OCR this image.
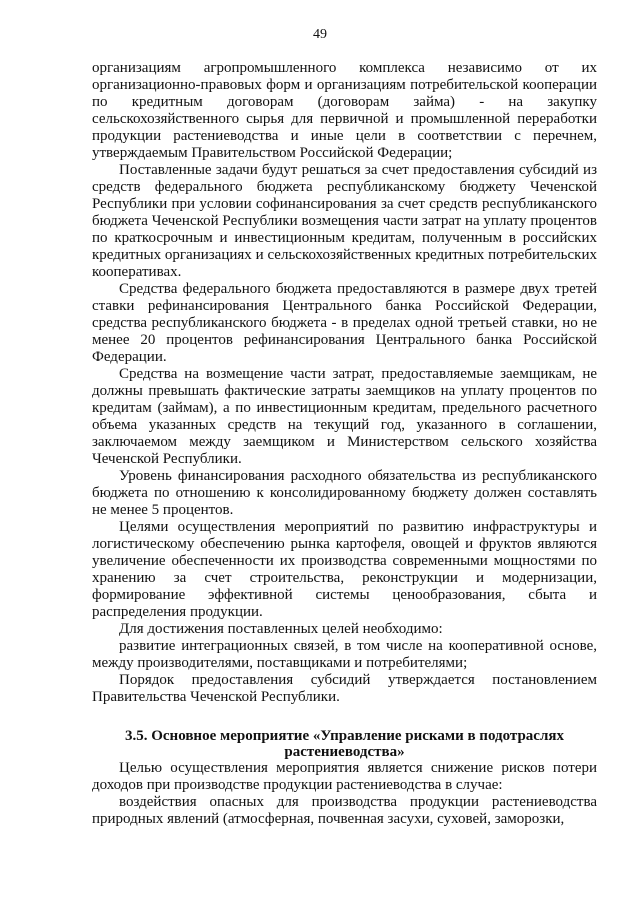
49

организациям агропромышленного комплекса независимо от их организационно-правовых форм и организациям потребительской кооперации по кредитным договорам (договорам займа) - на закупку сельскохозяйственного сырья для первичной и промышленной переработки продукции растениеводства и иные цели в соответствии с перечнем, утверждаемым Правительством Российской Федерации;

Поставленные задачи будут решаться за счет предоставления субсидий из средств федерального бюджета республиканскому бюджету Чеченской Республики при условии софинансирования за счет средств республиканского бюджета Чеченской Республики возмещения части затрат на уплату процентов по краткосрочным и инвестиционным кредитам, полученным в российских кредитных организациях и сельскохозяйственных кредитных потребительских кооперативах.

Средства федерального бюджета предоставляются в размере двух третей ставки рефинансирования Центрального банка Российской Федерации, средства республиканского бюджета - в пределах одной третьей ставки, но не менее 20 процентов рефинансирования Центрального банка Российской Федерации.

Средства на возмещение части затрат, предоставляемые заемщикам, не должны превышать фактические затраты заемщиков на уплату процентов по кредитам (займам), а по инвестиционным кредитам, предельного расчетного объема указанных средств на текущий год, указанного в соглашении, заключаемом между заемщиком и Министерством сельского хозяйства Чеченской Республики.

Уровень финансирования расходного обязательства из республиканского бюджета по отношению к консолидированному бюджету должен составлять не менее 5 процентов.

Целями осуществления мероприятий по развитию инфраструктуры и логистическому обеспечению рынка картофеля, овощей и фруктов являются увеличение обеспеченности их производства современными мощностями по хранению за счет строительства, реконструкции и модернизации, формирование эффективной системы ценообразования, сбыта и распределения продукции.

Для достижения поставленных целей необходимо:

развитие интеграционных связей, в том числе на кооперативной основе, между производителями, поставщиками и потребителями;

Порядок предоставления субсидий утверждается постановлением Правительства Чеченской Республики.

3.5. Основное мероприятие «Управление рисками в подотраслях растениеводства»

Целью осуществления мероприятия является снижение рисков потери доходов при производстве продукции растениеводства в случае:

воздействия опасных для производства продукции растениеводства природных явлений (атмосферная, почвенная засухи, суховей, заморозки,
